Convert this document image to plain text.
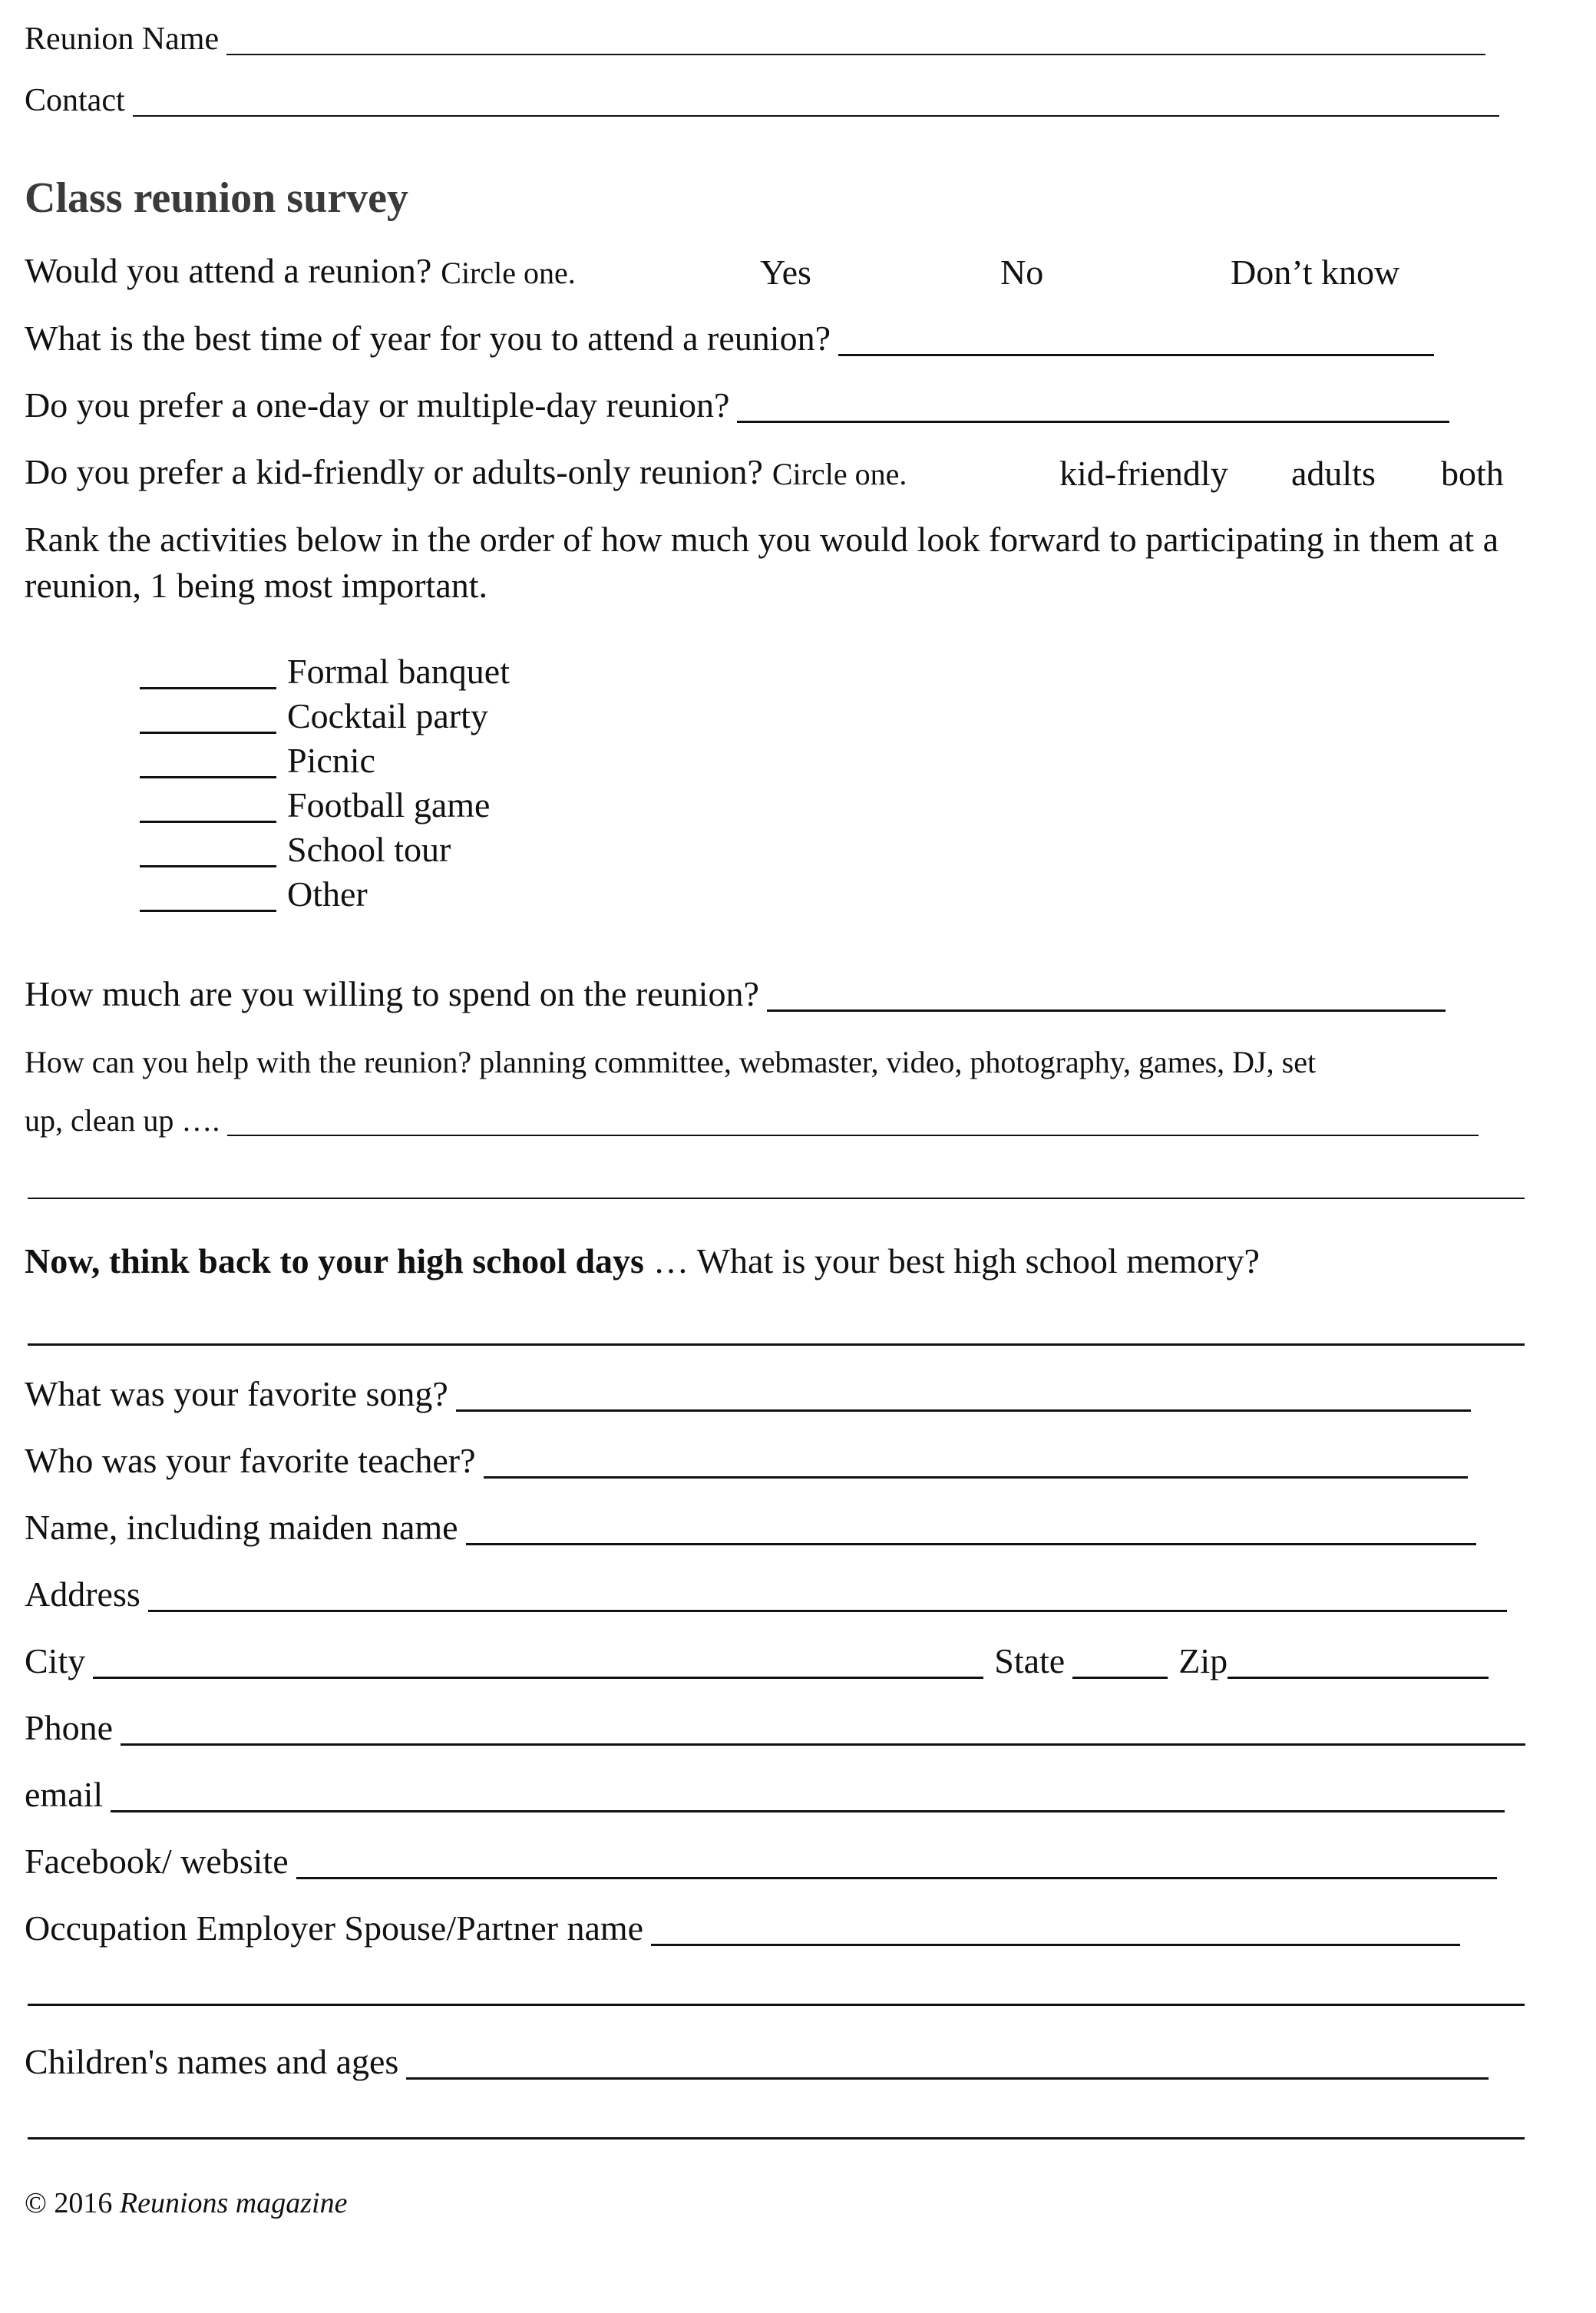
Reunion Name
Contact
Class reunion survey
Would you attend a reunion? Circle one.	Yes	No	Don’t know
What is the best time of year for you to attend a reunion?
Do you prefer a one-day or multiple-day reunion?
Do you prefer a kid-friendly or adults-only reunion? Circle one.	kid-friendly adults both
Rank the activities below in the order of how much you would look forward to participating in them at a reunion, 1 being most important.
Formal banquet
Cocktail party
Picnic
Football game
School tour
Other
How much are you willing to spend on the reunion?
How can you help with the reunion? planning committee, webmaster, video, photography, games, DJ, set
up, clean up ….
Now, think back to your high school days … What is your best high school memory?
What was your favorite song?
Who was your favorite teacher?
Name, including maiden name
Address
City	State	Zip
Phone
email
Facebook/ website
Occupation Employer Spouse/Partner name
Children's names and ages
© 2016 Reunions magazine
